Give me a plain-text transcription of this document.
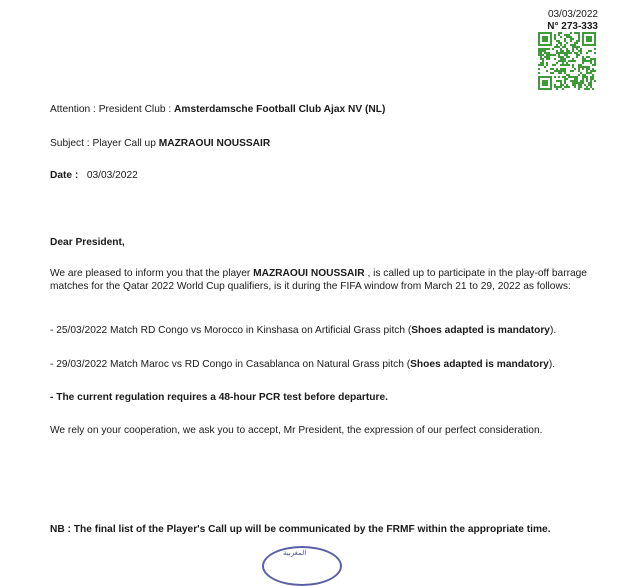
03/03/2022
N° 273-333
Attention : President Club : Amsterdamsche Football Club Ajax NV (NL)
Subject : Player Call up MAZRAOUI NOUSSAIR
Date : 03/03/2022
Dear President,
We are pleased to inform you that the player MAZRAOUI NOUSSAIR , is called up to participate in the play-off barrage matches for the Qatar 2022 World Cup qualifiers, is it during the FIFA window from March 21 to 29, 2022 as follows:
- 25/03/2022 Match RD Congo vs Morocco in Kinshasa on Artificial Grass pitch (Shoes adapted is mandatory).
- 29/03/2022 Match Maroc vs RD Congo in Casablanca on Natural Grass pitch (Shoes adapted is mandatory).
- The current regulation requires a 48-hour PCR test before departure.
We rely on your cooperation, we ask you to accept, Mr President, the expression of our perfect consideration.
NB : The final list of the Player's Call up will be communicated by the FRMF within the appropriate time.
المغربية
